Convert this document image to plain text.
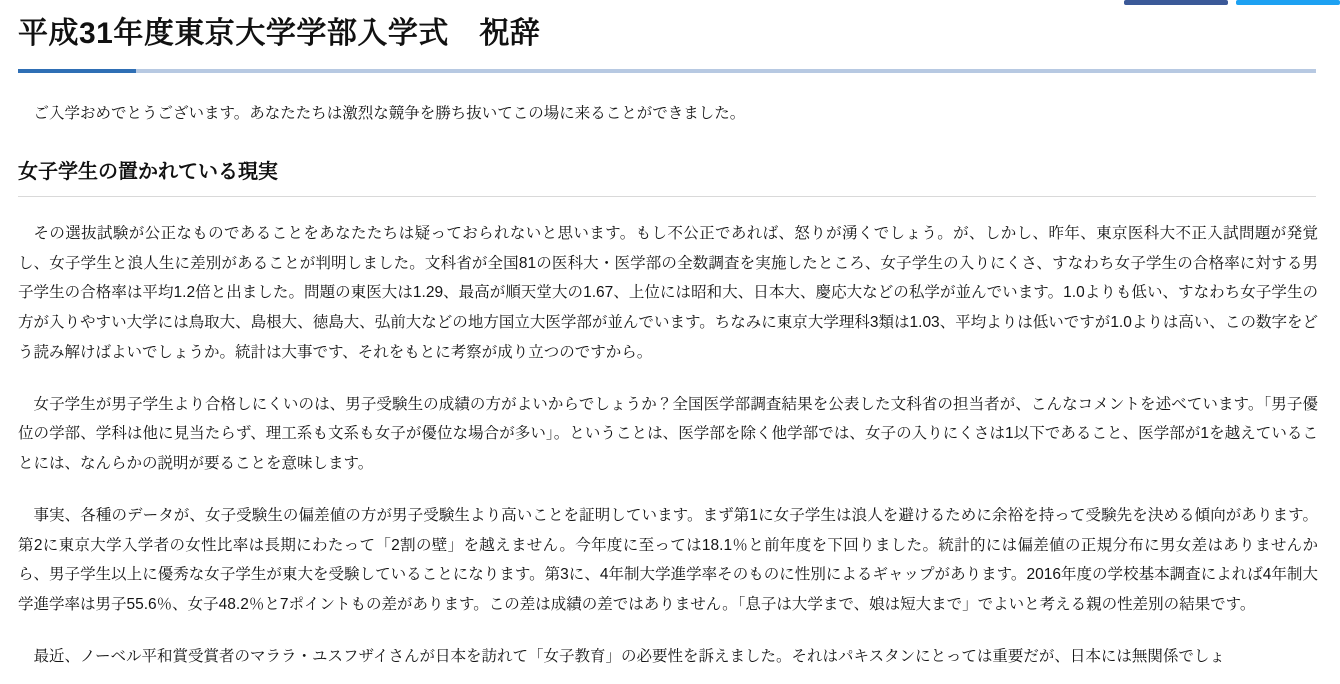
平成31年度東京大学学部入学式　祝辞

ご入学おめでとうございます。あなたたちは激烈な競争を勝ち抜いてこの場に来ることができました。

女子学生の置かれている現実

その選抜試験が公正なものであることをあなたたちは疑っておられないと思います。もし不公正であれば、怒りが湧くでしょう。が、しかし、昨年、東京医科大不正入試問題が発覚し、女子学生と浪人生に差別があることが判明しました。文科省が全国81の医科大・医学部の全数調査を実施したところ、女子学生の入りにくさ、すなわち女子学生の合格率に対する男子学生の合格率は平均1.2倍と出ました。問題の東医大は1.29、最高が順天堂大の1.67、上位には昭和大、日本大、慶応大などの私学が並んでいます。1.0よりも低い、すなわち女子学生の方が入りやすい大学には鳥取大、島根大、徳島大、弘前大などの地方国立大医学部が並んでいます。ちなみに東京大学理科3類は1.03、平均よりは低いですが1.0よりは高い、この数字をどう読み解けばよいでしょうか。統計は大事です、それをもとに考察が成り立つのですから。

女子学生が男子学生より合格しにくいのは、男子受験生の成績の方がよいからでしょうか？全国医学部調査結果を公表した文科省の担当者が、こんなコメントを述べています。「男子優位の学部、学科は他に見当たらず、理工系も文系も女子が優位な場合が多い」。ということは、医学部を除く他学部では、女子の入りにくさは1以下であること、医学部が1を越えていることには、なんらかの説明が要ることを意味します。

事実、各種のデータが、女子受験生の偏差値の方が男子受験生より高いことを証明しています。まず第1に女子学生は浪人を避けるために余裕を持って受験先を決める傾向があります。第2に東京大学入学者の女性比率は長期にわたって「2割の壁」を越えません。今年度に至っては18.1％と前年度を下回りました。統計的には偏差値の正規分布に男女差はありませんから、男子学生以上に優秀な女子学生が東大を受験していることになります。第3に、4年制大学進学率そのものに性別によるギャップがあります。2016年度の学校基本調査によれば4年制大学進学率は男子55.6％、女子48.2％と7ポイントもの差があります。この差は成績の差ではありません。「息子は大学まで、娘は短大まで」でよいと考える親の性差別の結果です。

最近、ノーベル平和賞受賞者のマララ・ユスフザイさんが日本を訪れて「女子教育」の必要性を訴えました。それはパキスタンにとっては重要だが、日本には無関係でしょ
